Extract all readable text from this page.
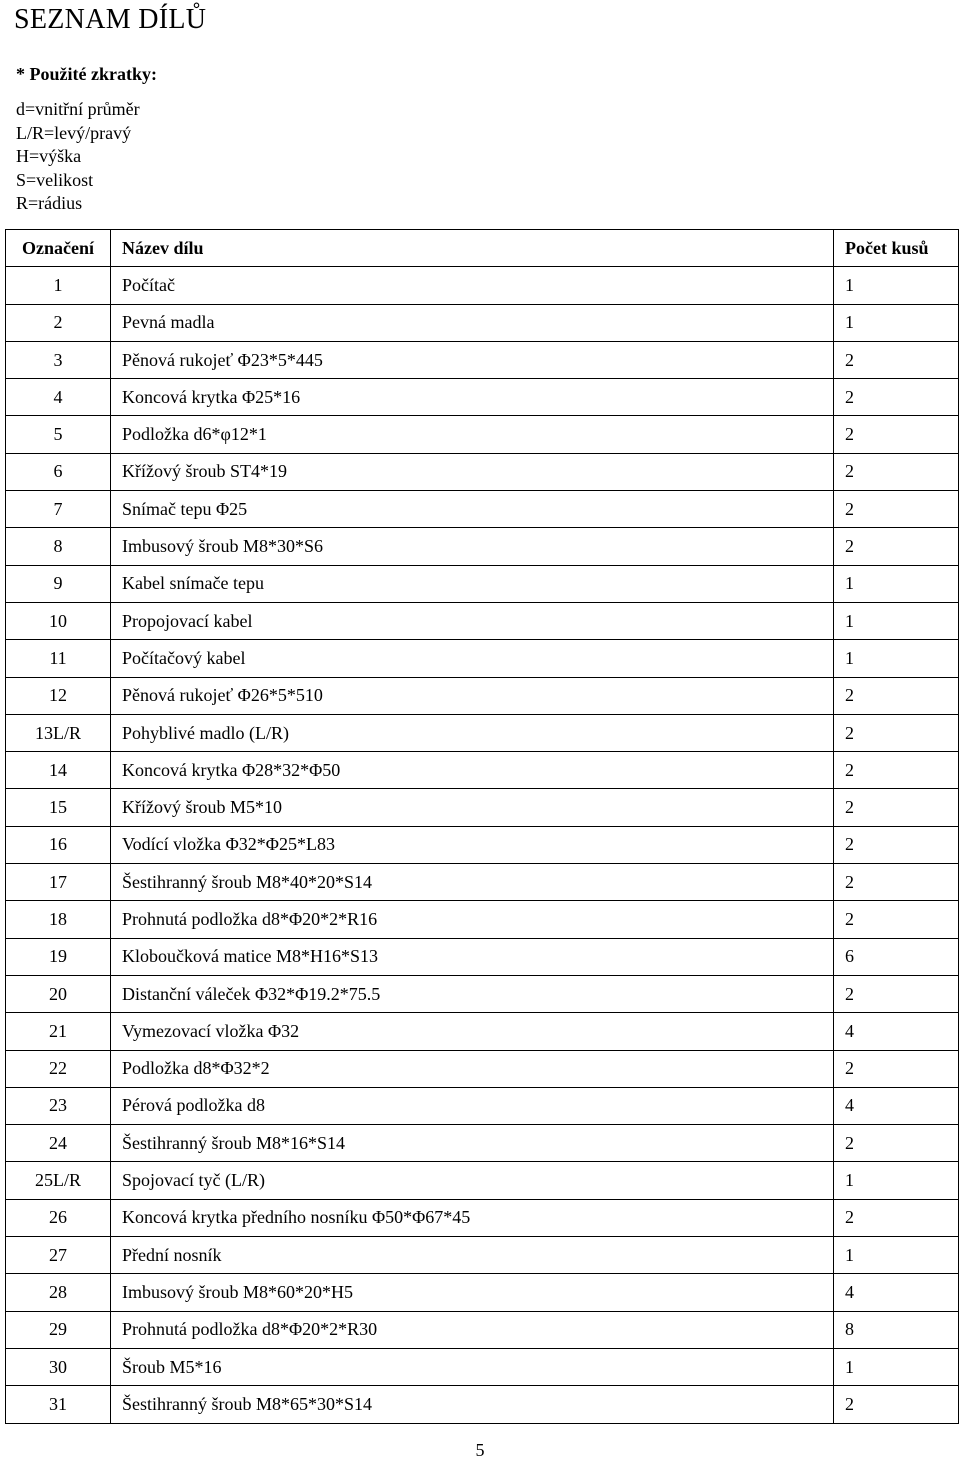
SEZNAM DÍLŮ
* Použité zkratky:
d=vnitřní průměr
L/R=levý/pravý
H=výška
S=velikost
R=rádius
Označení	Název dílu	Počet kusů
1	Počítač	1
2	Pevná madla	1
3	Pěnová rukojeť Φ23*5*445	2
4	Koncová krytka Φ25*16	2
5	Podložka d6*φ12*1	2
6	Křížový šroub ST4*19	2
7	Snímač tepu Φ25	2
8	Imbusový šroub M8*30*S6	2
9	Kabel snímače tepu	1
10	Propojovací kabel	1
11	Počítačový kabel	1
12	Pěnová rukojeť Φ26*5*510	2
13L/R	Pohyblivé madlo (L/R)	2
14	Koncová krytka Φ28*32*Φ50	2
15	Křížový šroub M5*10	2
16	Vodící vložka Φ32*Φ25*L83	2
17	Šestihranný šroub M8*40*20*S14	2
18	Prohnutá podložka d8*Φ20*2*R16	2
19	Kloboučková matice M8*H16*S13	6
20	Distanční váleček Φ32*Φ19.2*75.5	2
21	Vymezovací vložka Φ32	4
22	Podložka d8*Φ32*2	2
23	Pérová podložka d8	4
24	Šestihranný šroub M8*16*S14	2
25L/R	Spojovací tyč (L/R)	1
26	Koncová krytka předního nosníku Φ50*Φ67*45	2
27	Přední nosník	1
28	Imbusový šroub M8*60*20*H5	4
29	Prohnutá podložka d8*Φ20*2*R30	8
30	Šroub M5*16	1
31	Šestihranný šroub M8*65*30*S14	2
5
